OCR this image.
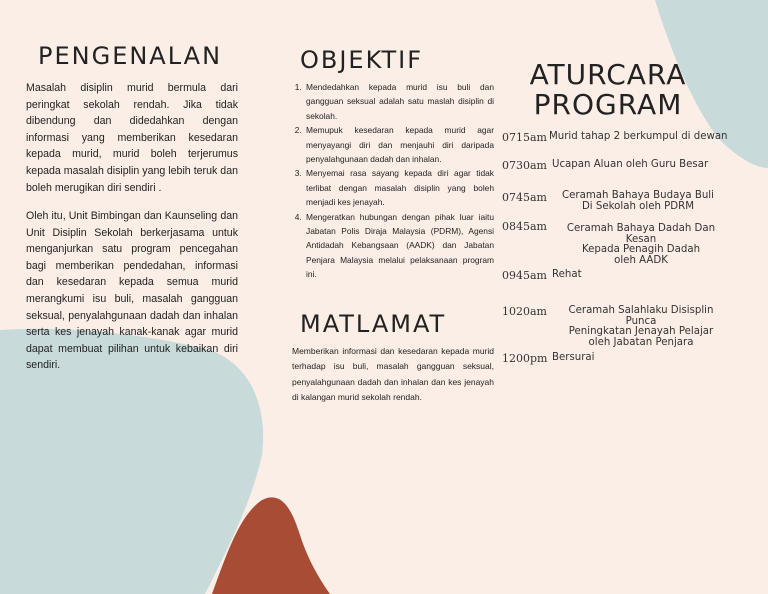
PENGENALAN

Masalah disiplin murid bermula dari peringkat sekolah rendah. Jika tidak dibendung dan didedahkan dengan informasi yang memberikan kesedaran kepada murid, murid boleh terjerumus kepada masalah disiplin yang lebih teruk dan boleh merugikan diri sendiri .

Oleh itu, Unit Bimbingan dan Kaunseling dan Unit Disiplin Sekolah berkerjasama untuk menganjurkan satu program pencegahan bagi memberikan pendedahan, informasi dan kesedaran kepada semua murid merangkumi isu buli, masalah gangguan seksual, penyalahgunaan dadah dan inhalan serta kes jenayah kanak-kanak agar murid dapat membuat pilihan untuk kebaikan diri sendiri.

OBJEKTIF
1. Mendedahkan kepada murid isu buli dan gangguan seksual adalah satu maslah disiplin di sekolah.
2. Memupuk kesedaran kepada murid agar menyayangi diri dan menjauhi diri daripada penyalahgunaan dadah dan inhalan.
3. Menyemai rasa sayang kepada diri agar tidak terlibat dengan masalah disiplin yang boleh menjadi kes jenayah.
4. Mengeratkan hubungan dengan pihak luar iaitu Jabatan Polis Diraja Malaysia (PDRM), Agensi Antidadah Kebangsaan (AADK) dan Jabatan Penjara Malaysia melalui pelaksanaan program ini.
MATLAMAT

Memberikan informasi dan kesedaran kepada murid terhadap isu buli, masalah gangguan seksual, penyalahgunaan dadah dan inhalan dan kes jenayah di kalangan murid sekolah rendah.

ATURCARA
PROGRAM
0715am Murid tahap 2 berkumpul di dewan
0730am Ucapan Aluan oleh Guru Besar
0745am	Ceramah Bahaya Budaya Buli
Di Sekolah oleh PDRM
0845am	Ceramah Bahaya Dadah Dan Kesan
Kepada Penagih Dadah
oleh AADK
0945am Rehat
1020am	Ceramah Salahlaku Disisplin Punca
Peningkatan Jenayah Pelajar
oleh Jabatan Penjara
1200pm Bersurai
